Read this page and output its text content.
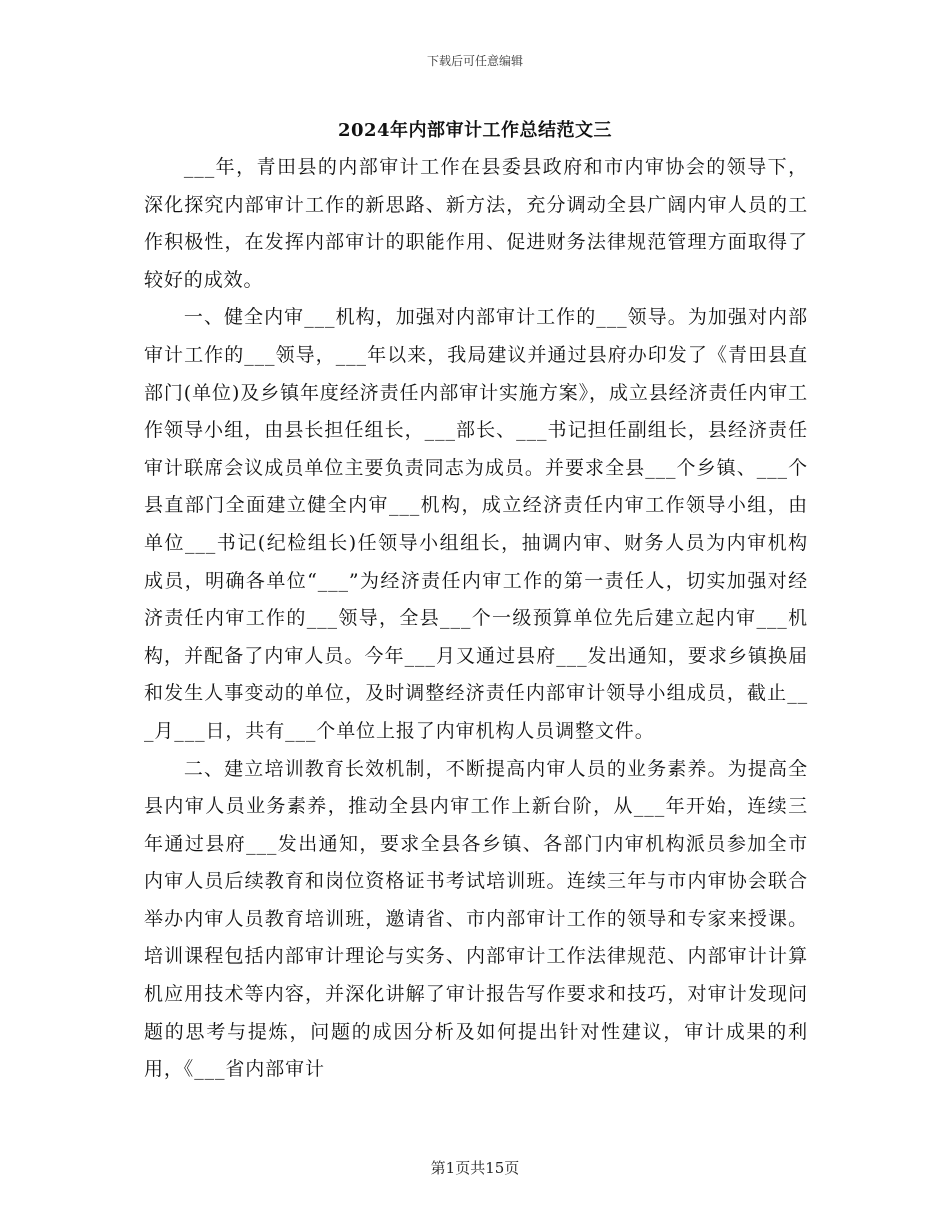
下载后可任意编辑
2024年内部审计工作总结范文三

___年，青田县的内部审计工作在县委县政府和市内审协会的领导下，深化探究内部审计工作的新思路、新方法，充分调动全县广阔内审人员的工作积极性，在发挥内部审计的职能作用、促进财务法律规范管理方面取得了较好的成效。

一、健全内审___机构，加强对内部审计工作的___领导。为加强对内部审计工作的___领导，___年以来，我局建议并通过县府办印发了《青田县直部门(单位)及乡镇年度经济责任内部审计实施方案》，成立县经济责任内审工作领导小组，由县长担任组长，___部长、___书记担任副组长，县经济责任审计联席会议成员单位主要负责同志为成员。并要求全县___个乡镇、___个县直部门全面建立健全内审___机构，成立经济责任内审工作领导小组，由单位___书记(纪检组长)任领导小组组长，抽调内审、财务人员为内审机构成员，明确各单位“___”为经济责任内审工作的第一责任人，切实加强对经济责任内审工作的___领导，全县___个一级预算单位先后建立起内审___机构，并配备了内审人员。今年___月又通过县府___发出通知，要求乡镇换届和发生人事变动的单位，及时调整经济责任内部审计领导小组成员，截止___月___日，共有___个单位上报了内审机构人员调整文件。

二、建立培训教育长效机制，不断提高内审人员的业务素养。为提高全县内审人员业务素养，推动全县内审工作上新台阶，从___年开始，连续三年通过县府___发出通知，要求全县各乡镇、各部门内审机构派员参加全市内审人员后续教育和岗位资格证书考试培训班。连续三年与市内审协会联合举办内审人员教育培训班，邀请省、市内部审计工作的领导和专家来授课。培训课程包括内部审计理论与实务、内部审计工作法律规范、内部审计计算机应用技术等内容，并深化讲解了审计报告写作要求和技巧，对审计发现问题的思考与提炼，问题的成因分析及如何提出针对性建议，审计成果的利用，《___省内部审计

第1页共15页
